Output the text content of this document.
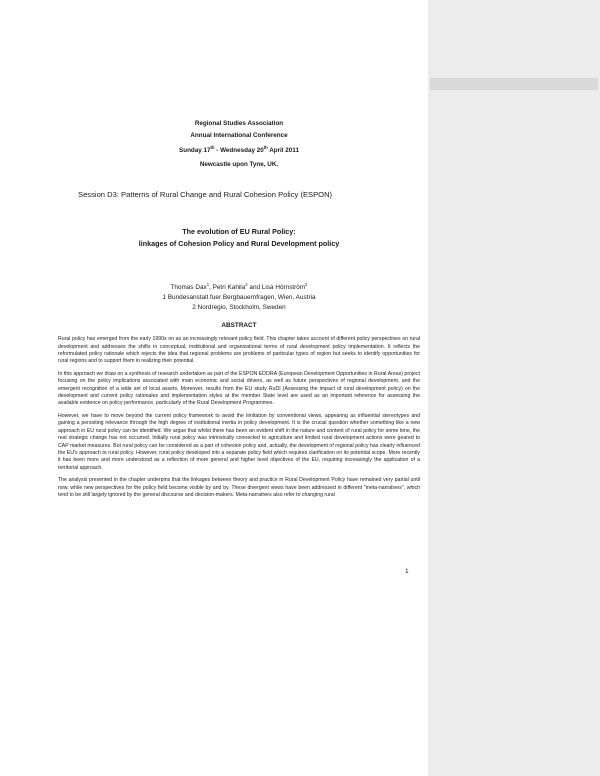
Regional Studies Association
Annual International Conference
Sunday 17th - Wednesday 20th April 2011
Newcastle upon Tyne, UK.
Session D3: Patterns of Rural Change and Rural Cohesion Policy (ESPON)
The evolution of EU Rural Policy:
linkages of Cohesion Policy and Rural Development policy
Thomas Dax$^1$, Petri Kahila$^2$ and Lisa Hörnström$^2$
1 Bundesanstalt fuer Bergbauernfragen, Wien, Austria
2 Nordregio, Stockholm, Sweden
ABSTRACT

Rural policy has emerged from the early 1990s on as an increasingly relevant policy field. This chapter takes account of different policy perspectives on rural development and addresses the shifts in conceptual, institutional and organizational terms of rural development policy implementation. It reflects the reformulated policy rationale which rejects the idea that regional problems are problems of particular types of region but seeks to identify opportunities for rural regions and to support them in realizing their potential.

In this approach we draw on a synthesis of research undertaken as part of the ESPON EDORA (European Development Opportunities in Rural Areas) project focusing on the policy implications associated with main economic and social drivers, as well as future perspectives of regional development, and the emergent recognition of a wide set of local assets. Moreover, results from the EU study RuDI (Assessing the impact of rural development policy) on the development and current policy rationales and implementation styles at the member State level are used as an important reference for assessing the available evidence on policy performance, particularly of the Rural Development Programmes.

However, we have to move beyond the current policy framework to avoid the limitation by conventional views, appearing as influential stereotypes and gaining a persisting relevance through the high degree of institutional inertia in policy development. It is the crucial question whether something like a new approach in EU rural policy can be identified. We argue that whilst there has been an evident shift in the nature and content of rural policy for some time, the real strategic change has not occurred. Initially rural policy was intrinsically connected to agriculture and limited rural development actions were geared to CAP market measures. But rural policy can be considered as a part of cohesion policy and, actually, the development of regional policy has clearly influenced the EU's approach to rural policy. However, rural policy developed into a separate policy field which requires clarification on its potential scope. More recently it has been more and more understood as a reflection of more general and higher level objectives of the EU, requiring increasingly the application of a territorial approach.

The analysis presented in the chapter underpins that the linkages between theory and practice in Rural Development Policy have remained very partial until now, while new perspectives for the policy field become visible by and by. These divergent views have been addressed in different "meta-narratives", which tend to be still largely ignored by the general discourse and decision-makers. Meta-narratives also refer to changing rural

1
